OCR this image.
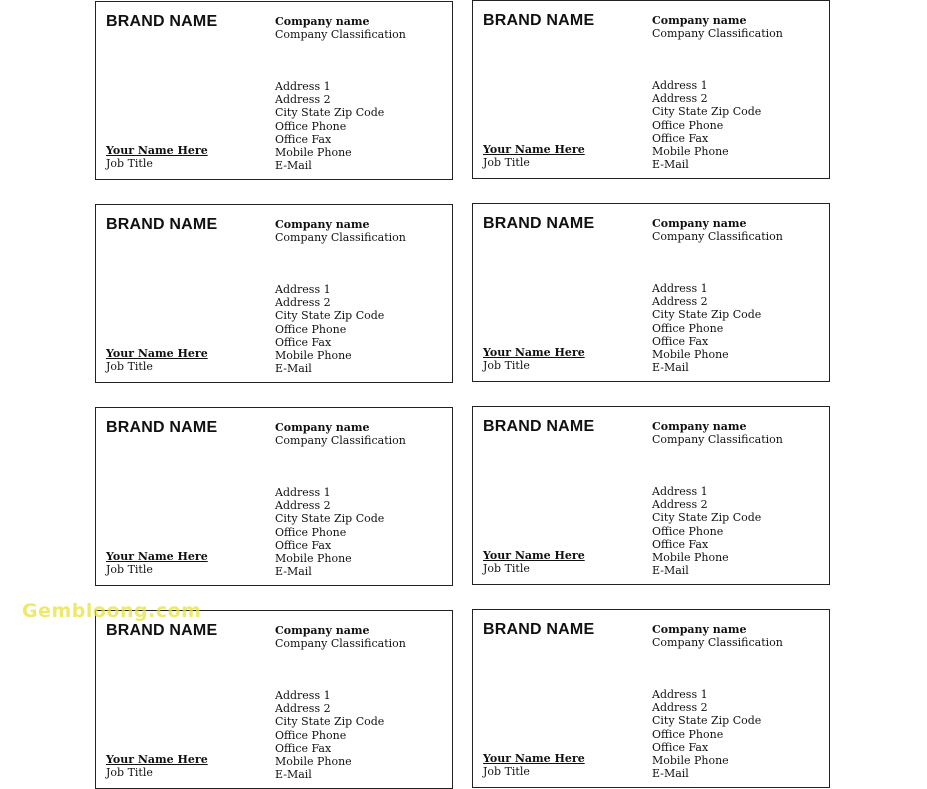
BRAND NAME	Company name
Company Classification
Address 1
Address 2
City State Zip Code
Office Phone
Office Fax
Mobile Phone
E-Mail
Your Name Here
Job Title
BRAND NAME	Company name
Company Classification
Address 1
Address 2
City State Zip Code
Office Phone
Office Fax
Mobile Phone
E-Mail
Your Name Here
Job Title
BRAND NAME	Company name
Company Classification
Address 1
Address 2
City State Zip Code
Office Phone
Office Fax
Mobile Phone
E-Mail
Your Name Here
Job Title
BRAND NAME	Company name
Company Classification
Address 1
Address 2
City State Zip Code
Office Phone
Office Fax
Mobile Phone
E-Mail
Your Name Here
Job Title
BRAND NAME	Company name
Company Classification
Address 1
Address 2
City State Zip Code
Office Phone
Office Fax
Mobile Phone
E-Mail
Your Name Here
Job Title
BRAND NAME	Company name
Company Classification
Address 1
Address 2
City State Zip Code
Office Phone
Office Fax
Mobile Phone
E-Mail
Your Name Here
Job Title
BRAND NAME	Company name
Company Classification
Address 1
Address 2
City State Zip Code
Office Phone
Office Fax
Mobile Phone
E-Mail
Your Name Here
Job Title
BRAND NAME	Company name
Company Classification
Address 1
Address 2
City State Zip Code
Office Phone
Office Fax
Mobile Phone
E-Mail
Your Name Here
Job Title
Gembloong.com
